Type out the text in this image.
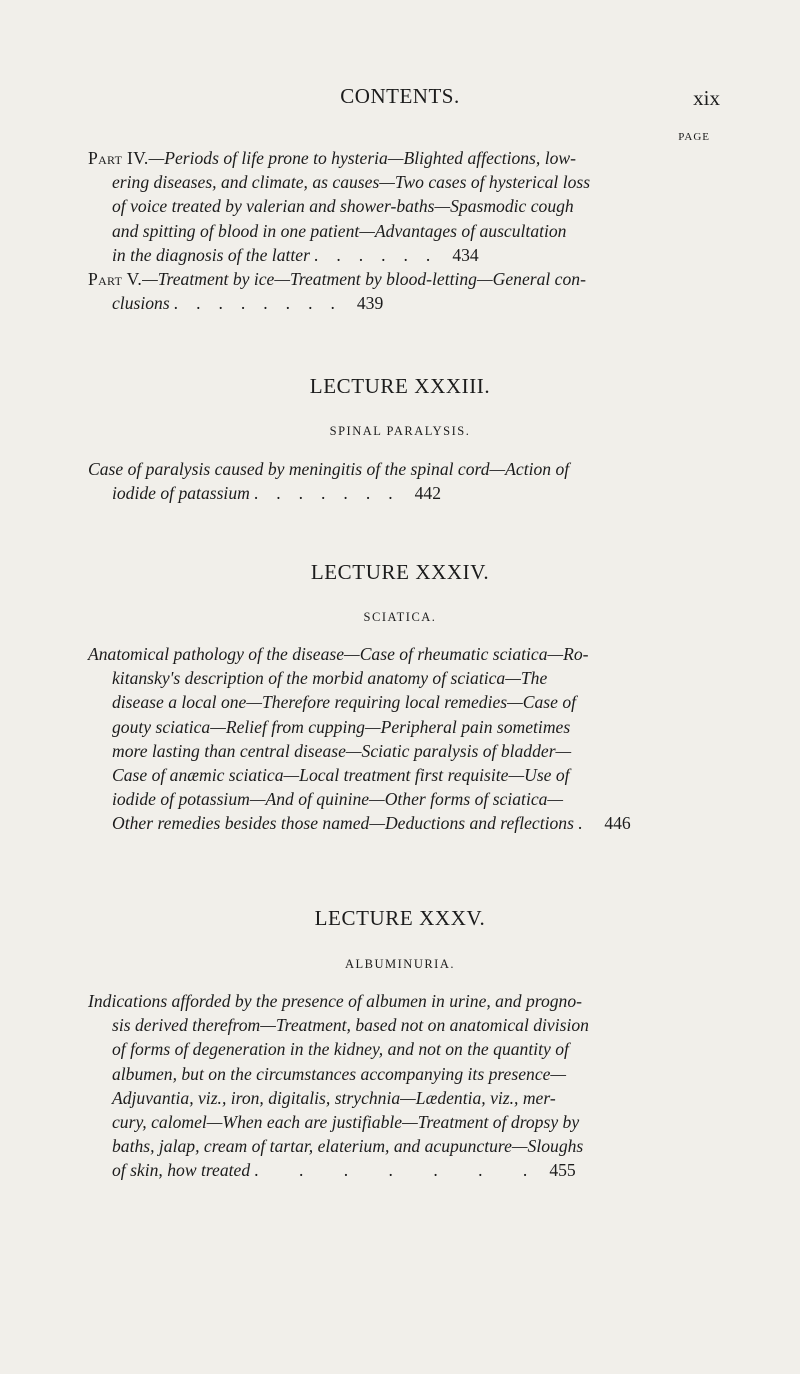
CONTENTS.	xix
PAGE
Part IV.—Periods of life prone to hysteria—Blighted affections, low-
ering diseases, and climate, as causes—Two cases of hysterical loss
of voice treated by valerian and shower-baths—Spasmodic cough
and spitting of blood in one patient—Advantages of auscultation
in the diagnosis of the latter ...... 434
Part V.—Treatment by ice—Treatment by blood-letting—General con-
clusions ........ 439
LECTURE XXXIII.
SPINAL PARALYSIS.
Case of paralysis caused by meningitis of the spinal cord—Action of
iodide of patassium ....... 442
LECTURE XXXIV.
SCIATICA.
Anatomical pathology of the disease—Case of rheumatic sciatica—Ro-
kitansky's description of the morbid anatomy of sciatica—The
disease a local one—Therefore requiring local remedies—Case of
gouty sciatica—Relief from cupping—Peripheral pain sometimes
more lasting than central disease—Sciatic paralysis of bladder—
Case of anæmic sciatica—Local treatment first requisite—Use of
iodide of potassium—And of quinine—Other forms of sciatica—
Other remedies besides those named—Deductions and reflections . 446
LECTURE XXXV.
ALBUMINURIA.
Indications afforded by the presence of albumen in urine, and progno-
sis derived therefrom—Treatment, based not on anatomical division
of forms of degeneration in the kidney, and not on the quantity of
albumen, but on the circumstances accompanying its presence—
Adjuvantia, viz., iron, digitalis, strychnia—Lædentia, viz., mer-
cury, calomel—When each are justifiable—Treatment of dropsy by
baths, jalap, cream of tartar, elaterium, and acupuncture—Sloughs
of skin, how treated . . . . . . . 455
